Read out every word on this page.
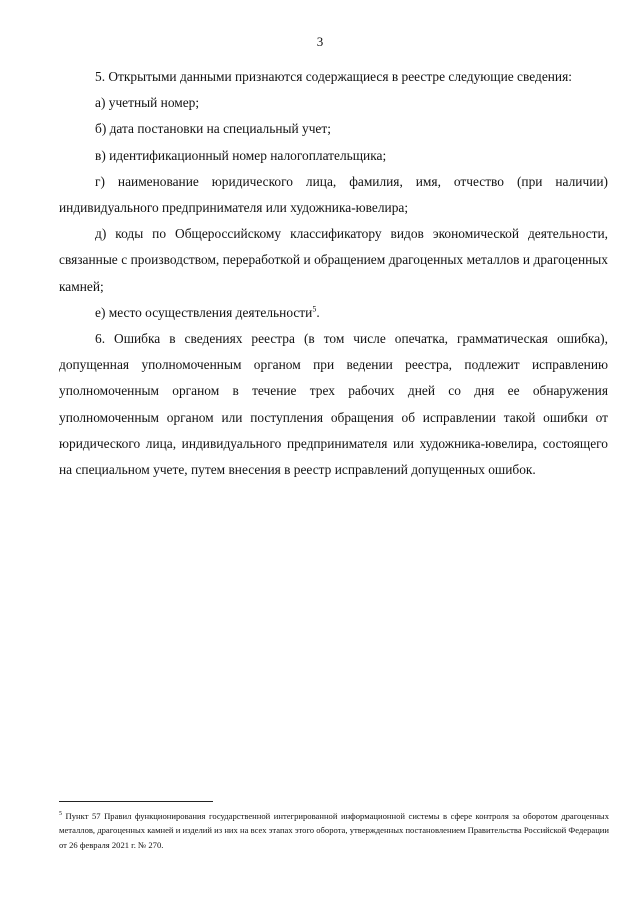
3

5. Открытыми данными признаются содержащиеся в реестре следующие сведения:

а) учетный номер;

б) дата постановки на специальный учет;

в) идентификационный номер налогоплательщика;

г) наименование юридического лица, фамилия, имя, отчество (при наличии) индивидуального предпринимателя или художника-ювелира;

д) коды по Общероссийскому классификатору видов экономической деятельности, связанные с производством, переработкой и обращением драгоценных металлов и драгоценных камней;

е) место осуществления деятельности$^5$.

6. Ошибка в сведениях реестра (в том числе опечатка, грамматическая ошибка), допущенная уполномоченным органом при ведении реестра, подлежит исправлению уполномоченным органом в течение трех рабочих дней со дня ее обнаружения уполномоченным органом или поступления обращения об исправлении такой ошибки от юридического лица, индивидуального предпринимателя или художника-ювелира, состоящего на специальном учете, путем внесения в реестр исправлений допущенных ошибок.

$^5$ Пункт 57 Правил функционирования государственной интегрированной информационной системы в сфере контроля за оборотом драгоценных металлов, драгоценных камней и изделий из них на всех этапах этого оборота, утвержденных постановлением Правительства Российской Федерации от 26 февраля 2021 г. № 270.
